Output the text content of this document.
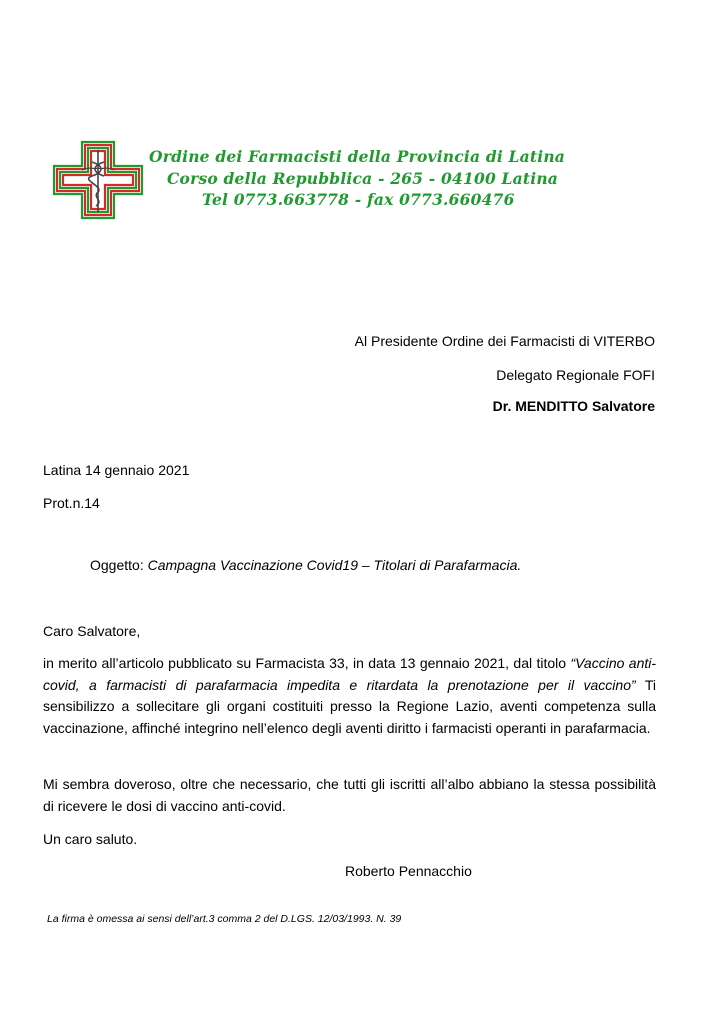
Ordine dei Farmacisti della Provincia di Latina
Corso della Repubblica - 265 - 04100 Latina
Tel 0773.663778 - fax 0773.660476
Al Presidente Ordine dei Farmacisti di VITERBO
Delegato Regionale FOFI
Dr. MENDITTO Salvatore
Latina 14 gennaio 2021
Prot.n.14
Oggetto: Campagna Vaccinazione Covid19 – Titolari di Parafarmacia.
Caro Salvatore,
in merito all’articolo pubblicato su Farmacista 33, in data 13 gennaio 2021, dal titolo “Vaccino anti-covid, a farmacisti di parafarmacia impedita e ritardata la prenotazione per il vaccino” Ti sensibilizzo a sollecitare gli organi costituiti presso la Regione Lazio, aventi competenza sulla vaccinazione, affinché integrino nell’elenco degli aventi diritto i farmacisti operanti in parafarmacia.
Mi sembra doveroso, oltre che necessario, che tutti gli iscritti all’albo abbiano la stessa possibilità di ricevere le dosi di vaccino anti-covid.
Un caro saluto.
Roberto Pennacchio
La firma è omessa ai sensi dell’art.3 comma 2 del D.LGS. 12/03/1993. N. 39
